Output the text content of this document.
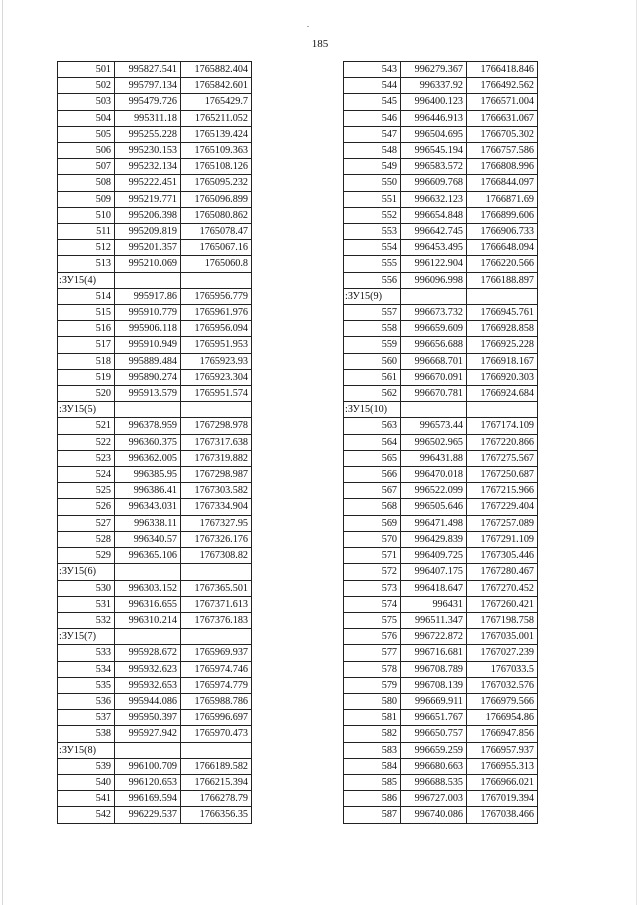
185
501	995827.541	1765882.404
502	995797.134	1765842.601
503	995479.726	1765429.7
504	995311.18	1765211.052
505	995255.228	1765139.424
506	995230.153	1765109.363
507	995232.134	1765108.126
508	995222.451	1765095.232
509	995219.771	1765096.899
510	995206.398	1765080.862
511	995209.819	1765078.47
512	995201.357	1765067.16
513	995210.069	1765060.8
:ЗУ15(4)		
514	995917.86	1765956.779
515	995910.779	1765961.976
516	995906.118	1765956.094
517	995910.949	1765951.953
518	995889.484	1765923.93
519	995890.274	1765923.304
520	995913.579	1765951.574
:ЗУ15(5)		
521	996378.959	1767298.978
522	996360.375	1767317.638
523	996362.005	1767319.882
524	996385.95	1767298.987
525	996386.41	1767303.582
526	996343.031	1767334.904
527	996338.11	1767327.95
528	996340.57	1767326.176
529	996365.106	1767308.82
:ЗУ15(6)		
530	996303.152	1767365.501
531	996316.655	1767371.613
532	996310.214	1767376.183
:ЗУ15(7)		
533	995928.672	1765969.937
534	995932.623	1765974.746
535	995932.653	1765974.779
536	995944.086	1765988.786
537	995950.397	1765996.697
538	995927.942	1765970.473
:ЗУ15(8)		
539	996100.709	1766189.582
540	996120.653	1766215.394
541	996169.594	1766278.79
542	996229.537	1766356.35
543	996279.367	1766418.846
544	996337.92	1766492.562
545	996400.123	1766571.004
546	996446.913	1766631.067
547	996504.695	1766705.302
548	996545.194	1766757.586
549	996583.572	1766808.996
550	996609.768	1766844.097
551	996632.123	1766871.69
552	996654.848	1766899.606
553	996642.745	1766906.733
554	996453.495	1766648.094
555	996122.904	1766220.566
556	996096.998	1766188.897
:ЗУ15(9)		
557	996673.732	1766945.761
558	996659.609	1766928.858
559	996656.688	1766925.228
560	996668.701	1766918.167
561	996670.091	1766920.303
562	996670.781	1766924.684
:ЗУ15(10)		
563	996573.44	1767174.109
564	996502.965	1767220.866
565	996431.88	1767275.567
566	996470.018	1767250.687
567	996522.099	1767215.966
568	996505.646	1767229.404
569	996471.498	1767257.089
570	996429.839	1767291.109
571	996409.725	1767305.446
572	996407.175	1767280.467
573	996418.647	1767270.452
574	996431	1767260.421
575	996511.347	1767198.758
576	996722.872	1767035.001
577	996716.681	1767027.239
578	996708.789	1767033.5
579	996708.139	1767032.576
580	996669.911	1766979.566
581	996651.767	1766954.86
582	996650.757	1766947.856
583	996659.259	1766957.937
584	996680.663	1766955.313
585	996688.535	1766966.021
586	996727.003	1767019.394
587	996740.086	1767038.466
